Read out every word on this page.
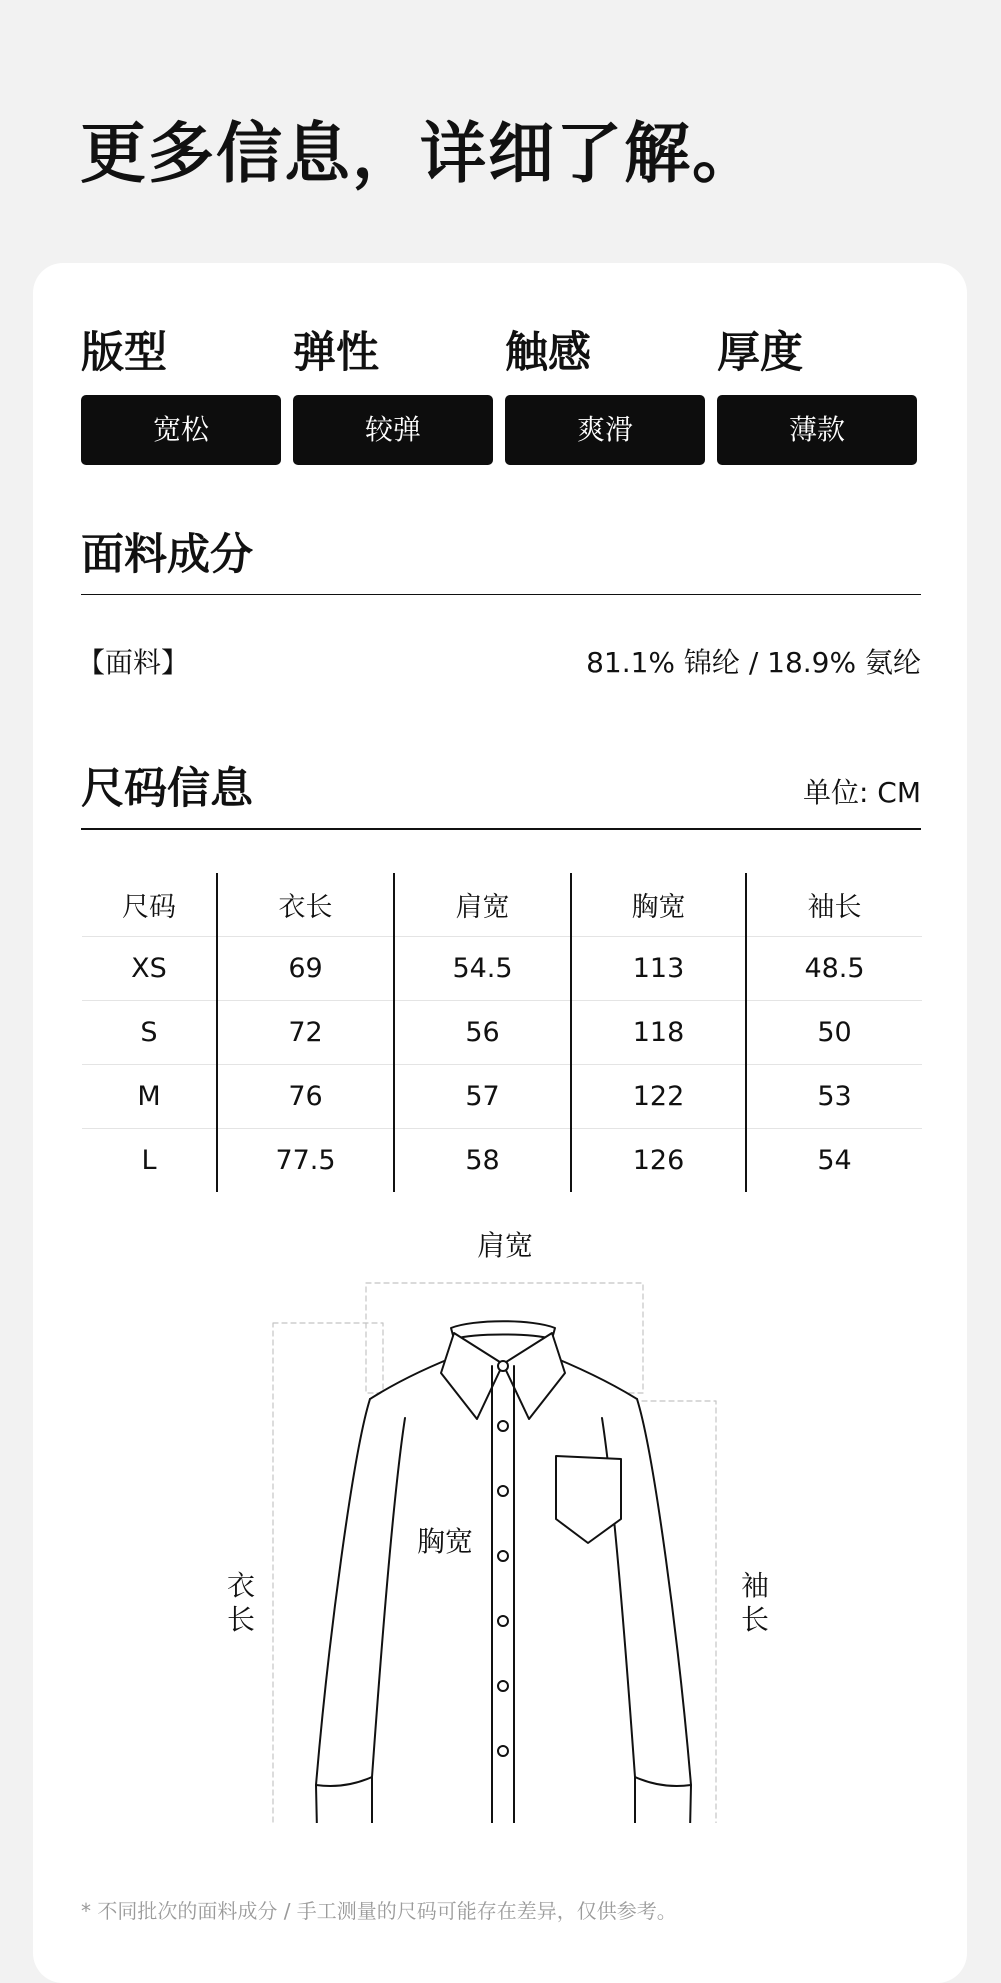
更多信息，详细了解。
版型
宽松
弹性
较弹
触感
爽滑
厚度
薄款
面料成分
【面料】	81.1% 锦纶 / 18.9% 氨纶
尺码信息	单位: CM
尺码	衣长	肩宽	胸宽	袖长
XS	69	54.5	113	48.5
S	72	56	118	50
M	76	57	122	53
L	77.5	58	126	54
肩宽
胸宽
衣长
袖长
* 不同批次的面料成分 / 手工测量的尺码可能存在差异，仅供参考。
